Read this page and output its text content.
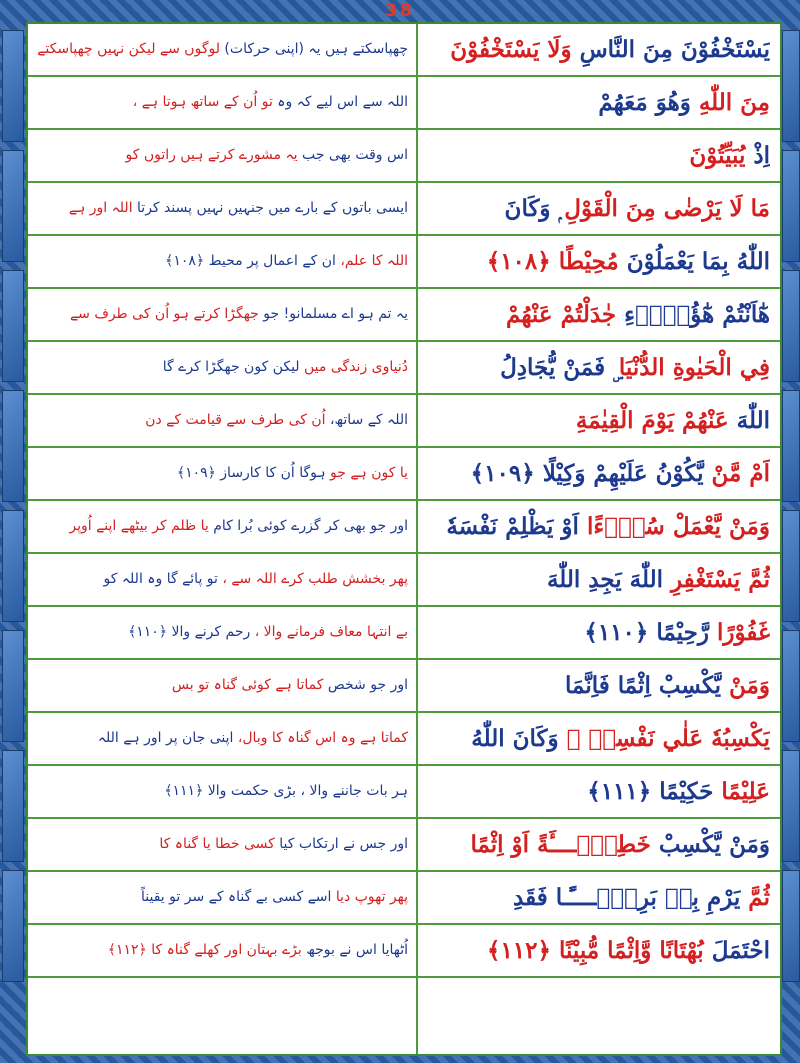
38
يَسْتَخْفُوْنَ مِنَ النَّاسِ وَلَا يَسْتَخْفُوْنَ
چھپاسکتے ہیں یہ (اپنی حرکات) لوگوں سے لیکن نہیں چھپاسکتے
مِنَ اللّٰهِ وَهُوَ مَعَهُمْ
اللہ سے اس لیے کہ وہ تو اُن کے ساتھ ہوتا ہے ،
اِذْ يُبَيِّتُوْنَ
اس وقت بھی جب یہ مشورے کرتے ہیں راتوں کو
مَا لَا يَرْضٰى مِنَ الْقَوْلِ ۭ وَكَانَ
ایسی باتوں کے بارے میں جنہیں نہیں پسند کرتا اللہ اور ہے
اللّٰهُ بِمَا يَعْمَلُوْنَ مُحِيْطًا ﴿١٠٨﴾
اللہ کا علم، ان کے اعمال پر محیط ﴿١٠٨﴾
ھٰٓاَنْتُمْ ھٰٓؤُلَاۗءِ جٰدَلْتُمْ عَنْهُمْ
یہ تم ہو اے مسلمانو! جو جھگڑا کرتے ہو اُن کی طرف سے
فِي الْحَيٰوةِ الدُّنْيَا ۣ فَمَنْ يُّجَادِلُ
دُنیاوی زندگی میں لیکن کون جھگڑا کرے گا
اللّٰهَ عَنْهُمْ يَوْمَ الْقِيٰمَةِ
اللہ کے ساتھ، اُن کی طرف سے قیامت کے دن
اَمْ مَّنْ يَّكُوْنُ عَلَيْهِمْ وَكِيْلًا ﴿١٠٩﴾
یا کون ہے جو ہوگا اُن کا کارساز ﴿١٠٩﴾
وَمَنْ يَّعْمَلْ سُوْۗءًا اَوْ يَظْلِمْ نَفْسَهٗ
اور جو بھی کر گزرے کوئی بُرا کام یا ظلم کر بیٹھے اپنے اُوپر
ثُمَّ يَسْتَغْفِرِ اللّٰهَ يَجِدِ اللّٰهَ
پھر بخشش طلب کرے اللہ سے ، تو پائے گا وہ اللہ کو
غَفُوْرًا رَّحِيْمًا ﴿١١٠﴾
بے انتہا معاف فرمانے والا ، رحم کرنے والا ﴿١١٠﴾
وَمَنْ يَّكْسِبْ اِثْمًا فَاِنَّمَا
اور جو شخص کماتا ہے کوئی گناہ تو بس
يَكْسِبُهٗ عَلٰي نَفْسِهٖ ۭ وَكَانَ اللّٰهُ
کماتا ہے وہ اس گناہ کا وبال، اپنی جان پر اور ہے اللہ
عَلِيْمًا حَكِيْمًا ﴿١١١﴾
ہر بات جاننے والا ، بڑی حکمت والا ﴿١١١﴾
وَمَنْ يَّكْسِبْ خَطِيْۗــــَٔةً اَوْ اِثْمًا
اور جس نے ارتکاب کیا کسی خطا یا گناہ کا
ثُمَّ يَرْمِ بِهٖ بَرِيْۗــــًٔـا فَقَدِ
پھر تھوپ دیا اسے کسی بے گناہ کے سر تو یقیناً
احْتَمَلَ بُهْتَانًا وَّاِثْمًا مُّبِيْنًا ﴿١١٢﴾
اُٹھایا اس نے بوجھ بڑے بہتان اور کھلے گناہ کا ﴿١١٢﴾
